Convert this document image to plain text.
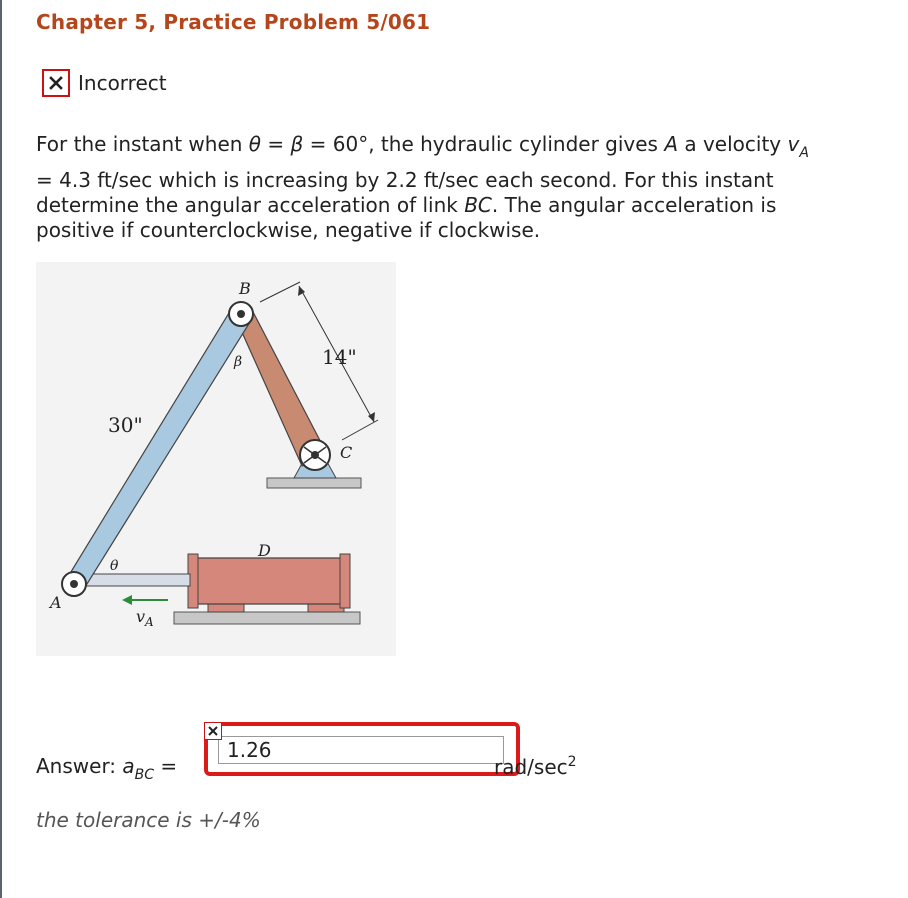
Chapter 5, Practice Problem 5/061
Incorrect

For the instant when θ = β = 60°, the hydraulic cylinder gives A a velocity $v_A$

= 4.3 ft/sec which is increasing by 2.2 ft/sec each second. For this instant

determine the angular acceleration of link BC. The angular acceleration is

positive if counterclockwise, negative if clockwise.

B
β	14"
30"
C
D
θ
A
$v_A$
Answer: $a_{BC}$ =
1.26	rad/$\sec^2$
the tolerance is +/-4%
